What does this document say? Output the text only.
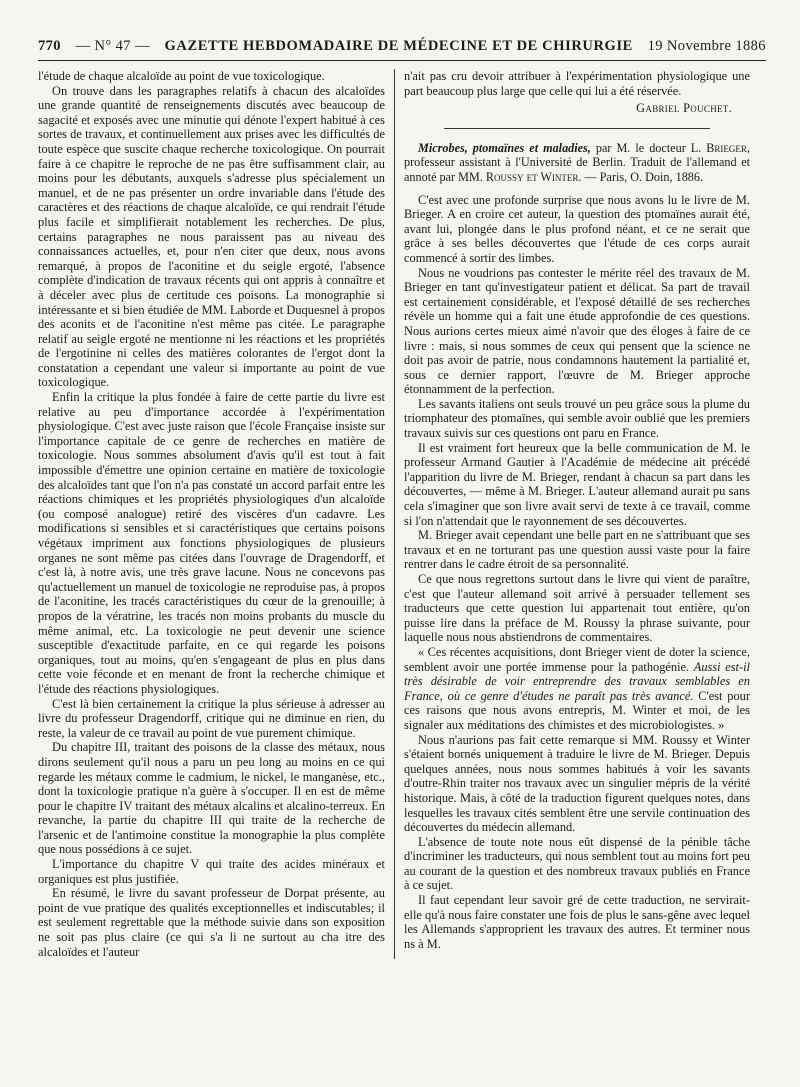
770 — N° 47 — GAZETTE HEBDOMADAIRE DE MÉDECINE ET DE CHIRURGIE 19 Novembre 1886

l'étude de chaque alcaloïde au point de vue toxicologique.

On trouve dans les paragraphes relatifs à chacun des alcaloïdes une grande quantité de renseignements discutés avec beaucoup de sagacité et exposés avec une minutie qui dénote l'expert habitué à ces sortes de travaux, et continuellement aux prises avec les difficultés de toute espèce que suscite chaque recherche toxicologique. On pourrait faire à ce chapitre le reproche de ne pas être suffisamment clair, au moins pour les débutants, auxquels s'adresse plus spécialement un manuel, et de ne pas présenter un ordre invariable dans l'étude des caractères et des réactions de chaque alcaloïde, ce qui rendrait l'étude plus facile et simplifierait notablement les recherches. De plus, certains paragraphes ne nous paraissent pas au niveau des connaissances actuelles, et, pour n'en citer que deux, nous avons remarqué, à propos de l'aconitine et du seigle ergoté, l'absence complète d'indication de travaux récents qui ont appris à connaître et à déceler avec plus de certitude ces poisons. La monographie si intéressante et si bien étudiée de MM. Laborde et Duquesnel à propos des aconits et de l'aconitine n'est même pas citée. Le paragraphe relatif au seigle ergoté ne mentionne ni les réactions et les propriétés de l'ergotinine ni celles des matières colorantes de l'ergot dont la constatation a cependant une valeur si importante au point de vue toxicologique.

Enfin la critique la plus fondée à faire de cette partie du livre est relative au peu d'importance accordée à l'expérimentation physiologique. C'est avec juste raison que l'école Française insiste sur l'importance capitale de ce genre de recherches en matière de toxicologie. Nous sommes absolument d'avis qu'il est tout à fait impossible d'émettre une opinion certaine en matière de toxicologie des alcaloïdes tant que l'on n'a pas constaté un accord parfait entre les réactions chimiques et les propriétés physiologiques d'un alcaloïde (ou composé analogue) retiré des viscères d'un cadavre. Les modifications si sensibles et si caractéristiques que certains poisons végétaux impriment aux fonctions physiologiques de plusieurs organes ne sont même pas citées dans l'ouvrage de Dragendorff, et c'est là, à notre avis, une très grave lacune. Nous ne concevons pas qu'actuellement un manuel de toxicologie ne reproduise pas, à propos de l'aconitine, les tracés caractéristiques du cœur de la grenouille; à propos de la vératrine, les tracés non moins probants du muscle du même animal, etc. La toxicologie ne peut devenir une science susceptible d'exactitude parfaite, en ce qui regarde les poisons organiques, tout au moins, qu'en s'engageant de plus en plus dans cette voie féconde et en menant de front la recherche chimique et l'étude des réactions physiologiques.

C'est là bien certainement la critique la plus sérieuse à adresser au livre du professeur Dragendorff, critique qui ne diminue en rien, du reste, la valeur de ce travail au point de vue purement chimique.

Du chapitre III, traitant des poisons de la classe des métaux, nous dirons seulement qu'il nous a paru un peu long au moins en ce qui regarde les métaux comme le cadmium, le nickel, le manganèse, etc., dont la toxicologie pratique n'a guère à s'occuper. Il en est de même pour le chapitre IV traitant des métaux alcalins et alcalino-terreux. En revanche, la partie du chapitre III qui traite de la recherche de l'arsenic et de l'antimoine constitue la monographie la plus complète que nous possédions à ce sujet.

L'importance du chapitre V qui traite des acides minéraux et organiques est plus justifiée.

En résumé, le livre du savant professeur de Dorpat présente, au point de vue pratique des qualités exceptionnelles et indiscutables; il est seulement regrettable que la méthode suivie dans son exposition ne soit pas plus claire (ce qui s'a li ne surtout au cha itre des alcaloïdes et l'auteur

n'ait pas cru devoir attribuer à l'expérimentation physiologique une part beaucoup plus large que celle qui lui a été réservée.

Gabriel Pouchet.

Microbes, ptomaïnes et maladies, par M. le docteur L. Brieger, professeur assistant à l'Université de Berlin. Traduit de l'allemand et annoté par MM. Roussy et Winter. — Paris, O. Doin, 1886.

C'est avec une profonde surprise que nous avons lu le livre de M. Brieger. A en croire cet auteur, la question des ptomaïnes aurait été, avant lui, plongée dans le plus profond néant, et ce ne serait que grâce à ses belles découvertes que l'étude de ces corps aurait commencé à sortir des limbes.

Nous ne voudrions pas contester le mérite réel des travaux de M. Brieger en tant qu'investigateur patient et délicat. Sa part de travail est certainement considérable, et l'exposé détaillé de ses recherches révèle un homme qui a fait une étude approfondie de ces questions. Nous aurions certes mieux aimé n'avoir que des éloges à faire de ce livre : mais, si nous sommes de ceux qui pensent que la science ne doit pas avoir de patrie, nous condamnons hautement la partialité et, sous ce dernier rapport, l'œuvre de M. Brieger approche étonnamment de la perfection.

Les savants italiens ont seuls trouvé un peu grâce sous la plume du triomphateur des ptomaïnes, qui semble avoir oublié que les premiers travaux suivis sur ces questions ont paru en France.

Il est vraiment fort heureux que la belle communication de M. le professeur Armand Gautier à l'Académie de médecine ait précédé l'apparition du livre de M. Brieger, rendant à chacun sa part dans les découvertes, — même à M. Brieger. L'auteur allemand aurait pu sans cela s'imaginer que son livre avait servi de texte à ce travail, comme si l'on n'attendait que le rayonnement de ses découvertes.

M. Brieger avait cependant une belle part en ne s'attribuant que ses travaux et en ne torturant pas une question aussi vaste pour la faire rentrer dans le cadre étroit de sa personnalité.

Ce que nous regrettons surtout dans le livre qui vient de paraître, c'est que l'auteur allemand soit arrivé à persuader tellement ses traducteurs que cette question lui appartenait tout entière, qu'on puisse lire dans la préface de M. Roussy la phrase suivante, pour laquelle nous nous abstiendrons de commentaires.

« Ces récentes acquisitions, dont Brieger vient de doter la science, semblent avoir une portée immense pour la pathogénie. Aussi est-il très désirable de voir entreprendre des travaux semblables en France, où ce genre d'études ne paraît pas très avancé. C'est pour ces raisons que nous avons entrepris, M. Winter et moi, de les signaler aux méditations des chimistes et des microbiologistes. »

Nous n'aurions pas fait cette remarque si MM. Roussy et Winter s'étaient bornés uniquement à traduire le livre de M. Brieger. Depuis quelques années, nous nous sommes habitués à voir les savants d'outre-Rhin traiter nos travaux avec un singulier mépris de la vérité historique. Mais, à côté de la traduction figurent quelques notes, dans lesquelles les travaux cités semblent être une servile continuation des découvertes du médecin allemand.

L'absence de toute note nous eût dispensé de la pénible tâche d'incriminer les traducteurs, qui nous semblent tout au moins fort peu au courant de la question et des nombreux travaux publiés en France à ce sujet.

Il faut cependant leur savoir gré de cette traduction, ne servirait-elle qu'à nous faire constater une fois de plus le sans-gêne avec lequel les Allemands s'approprient les travaux des autres. Et terminer nous ns à M.
